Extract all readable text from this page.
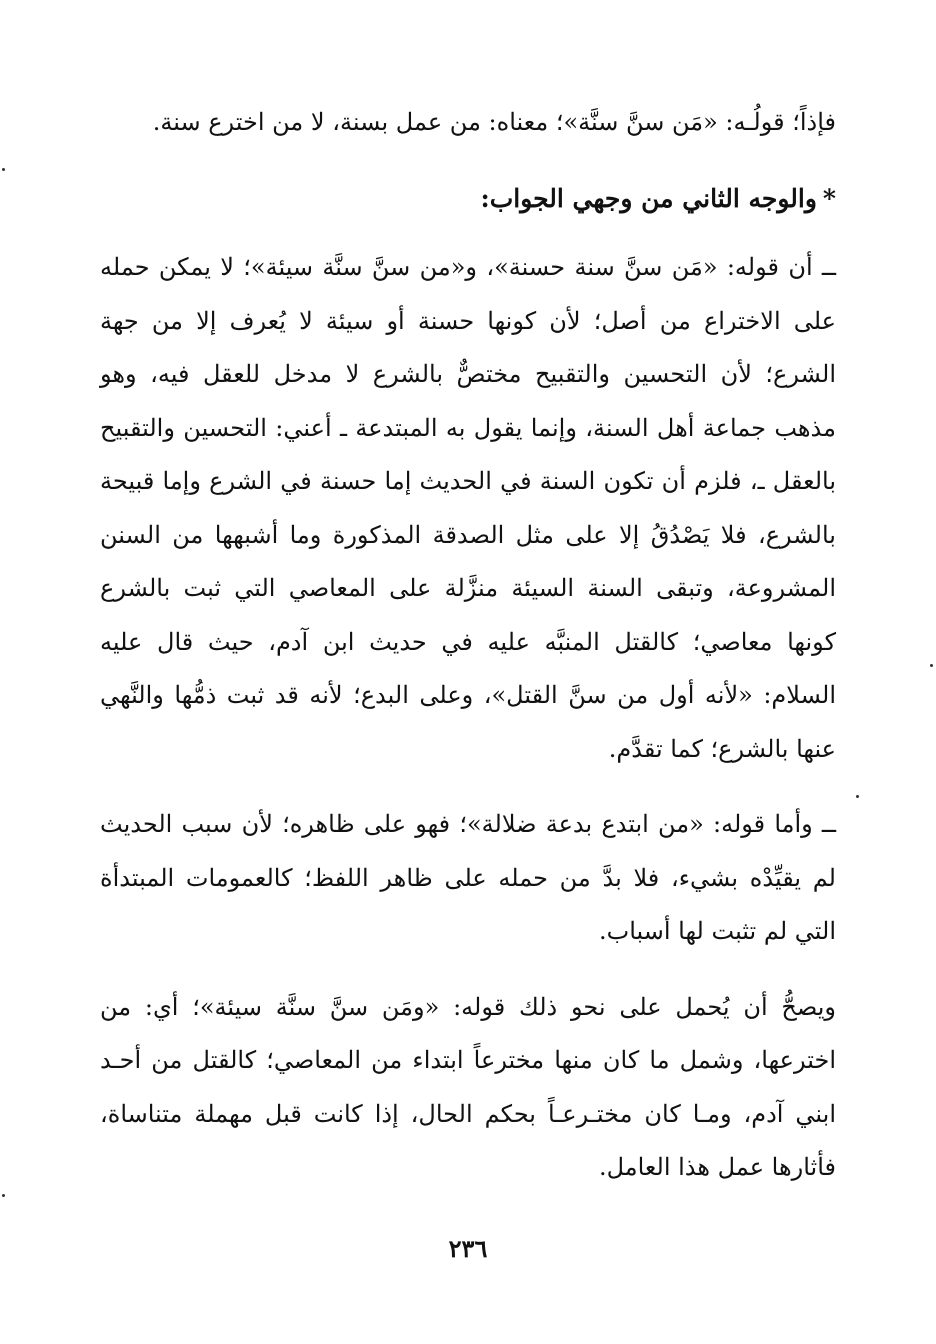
فإذاً؛ قولُـه: «مَن سنَّ سنَّة»؛ معناه: من عمل بسنة، لا من اخترع سنة.

*والوجه الثاني من وجهي الجواب:

ــ أن قوله: «مَن سنَّ سنة حسنة»، و«من سنَّ سنَّة سيئة»؛ لا يمكن حمله على الاختراع من أصل؛ لأن كونها حسنة أو سيئة لا يُعرف إلا من جهة الشرع؛ لأن التحسين والتقبيح مختصٌّ بالشرع لا مدخل للعقل فيه، وهو مذهب جماعة أهل السنة، وإنما يقول به المبتدعة ـ أعني: التحسين والتقبيح بالعقل ـ، فلزم أن تكون السنة في الحديث إما حسنة في الشرع وإما قبيحة بالشرع، فلا يَصْدُقُ إلا على مثل الصدقة المذكورة وما أشبهها من السنن المشروعة، وتبقى السنة السيئة منزَّلة على المعاصي التي ثبت بالشرع كونها معاصي؛ كالقتل المنبَّه عليه في حديث ابن آدم، حيث قال عليه السلام: «لأنه أول من سنَّ القتل»، وعلى البدع؛ لأنه قد ثبت ذمُّها والنَّهي عنها بالشرع؛ كما تقدَّم.

ــ وأما قوله: «من ابتدع بدعة ضلالة»؛ فهو على ظاهره؛ لأن سبب الحديث لم يقيِّدْه بشيء، فلا بدَّ من حمله على ظاهر اللفظ؛ كالعمومات المبتدأة التي لم تثبت لها أسباب.

ويصحُّ أن يُحمل على نحو ذلك قوله: «ومَن سنَّ سنَّة سيئة»؛ أي: من اخترعها، وشمل ما كان منها مخترعاً ابتداء من المعاصي؛ كالقتل من أحـد ابني آدم، ومـا كان مختـرعـاً بحكم الحال، إذا كانت قبل مهملة متناساة، فأثارها عمل هذا العامل.

٢٣٦
